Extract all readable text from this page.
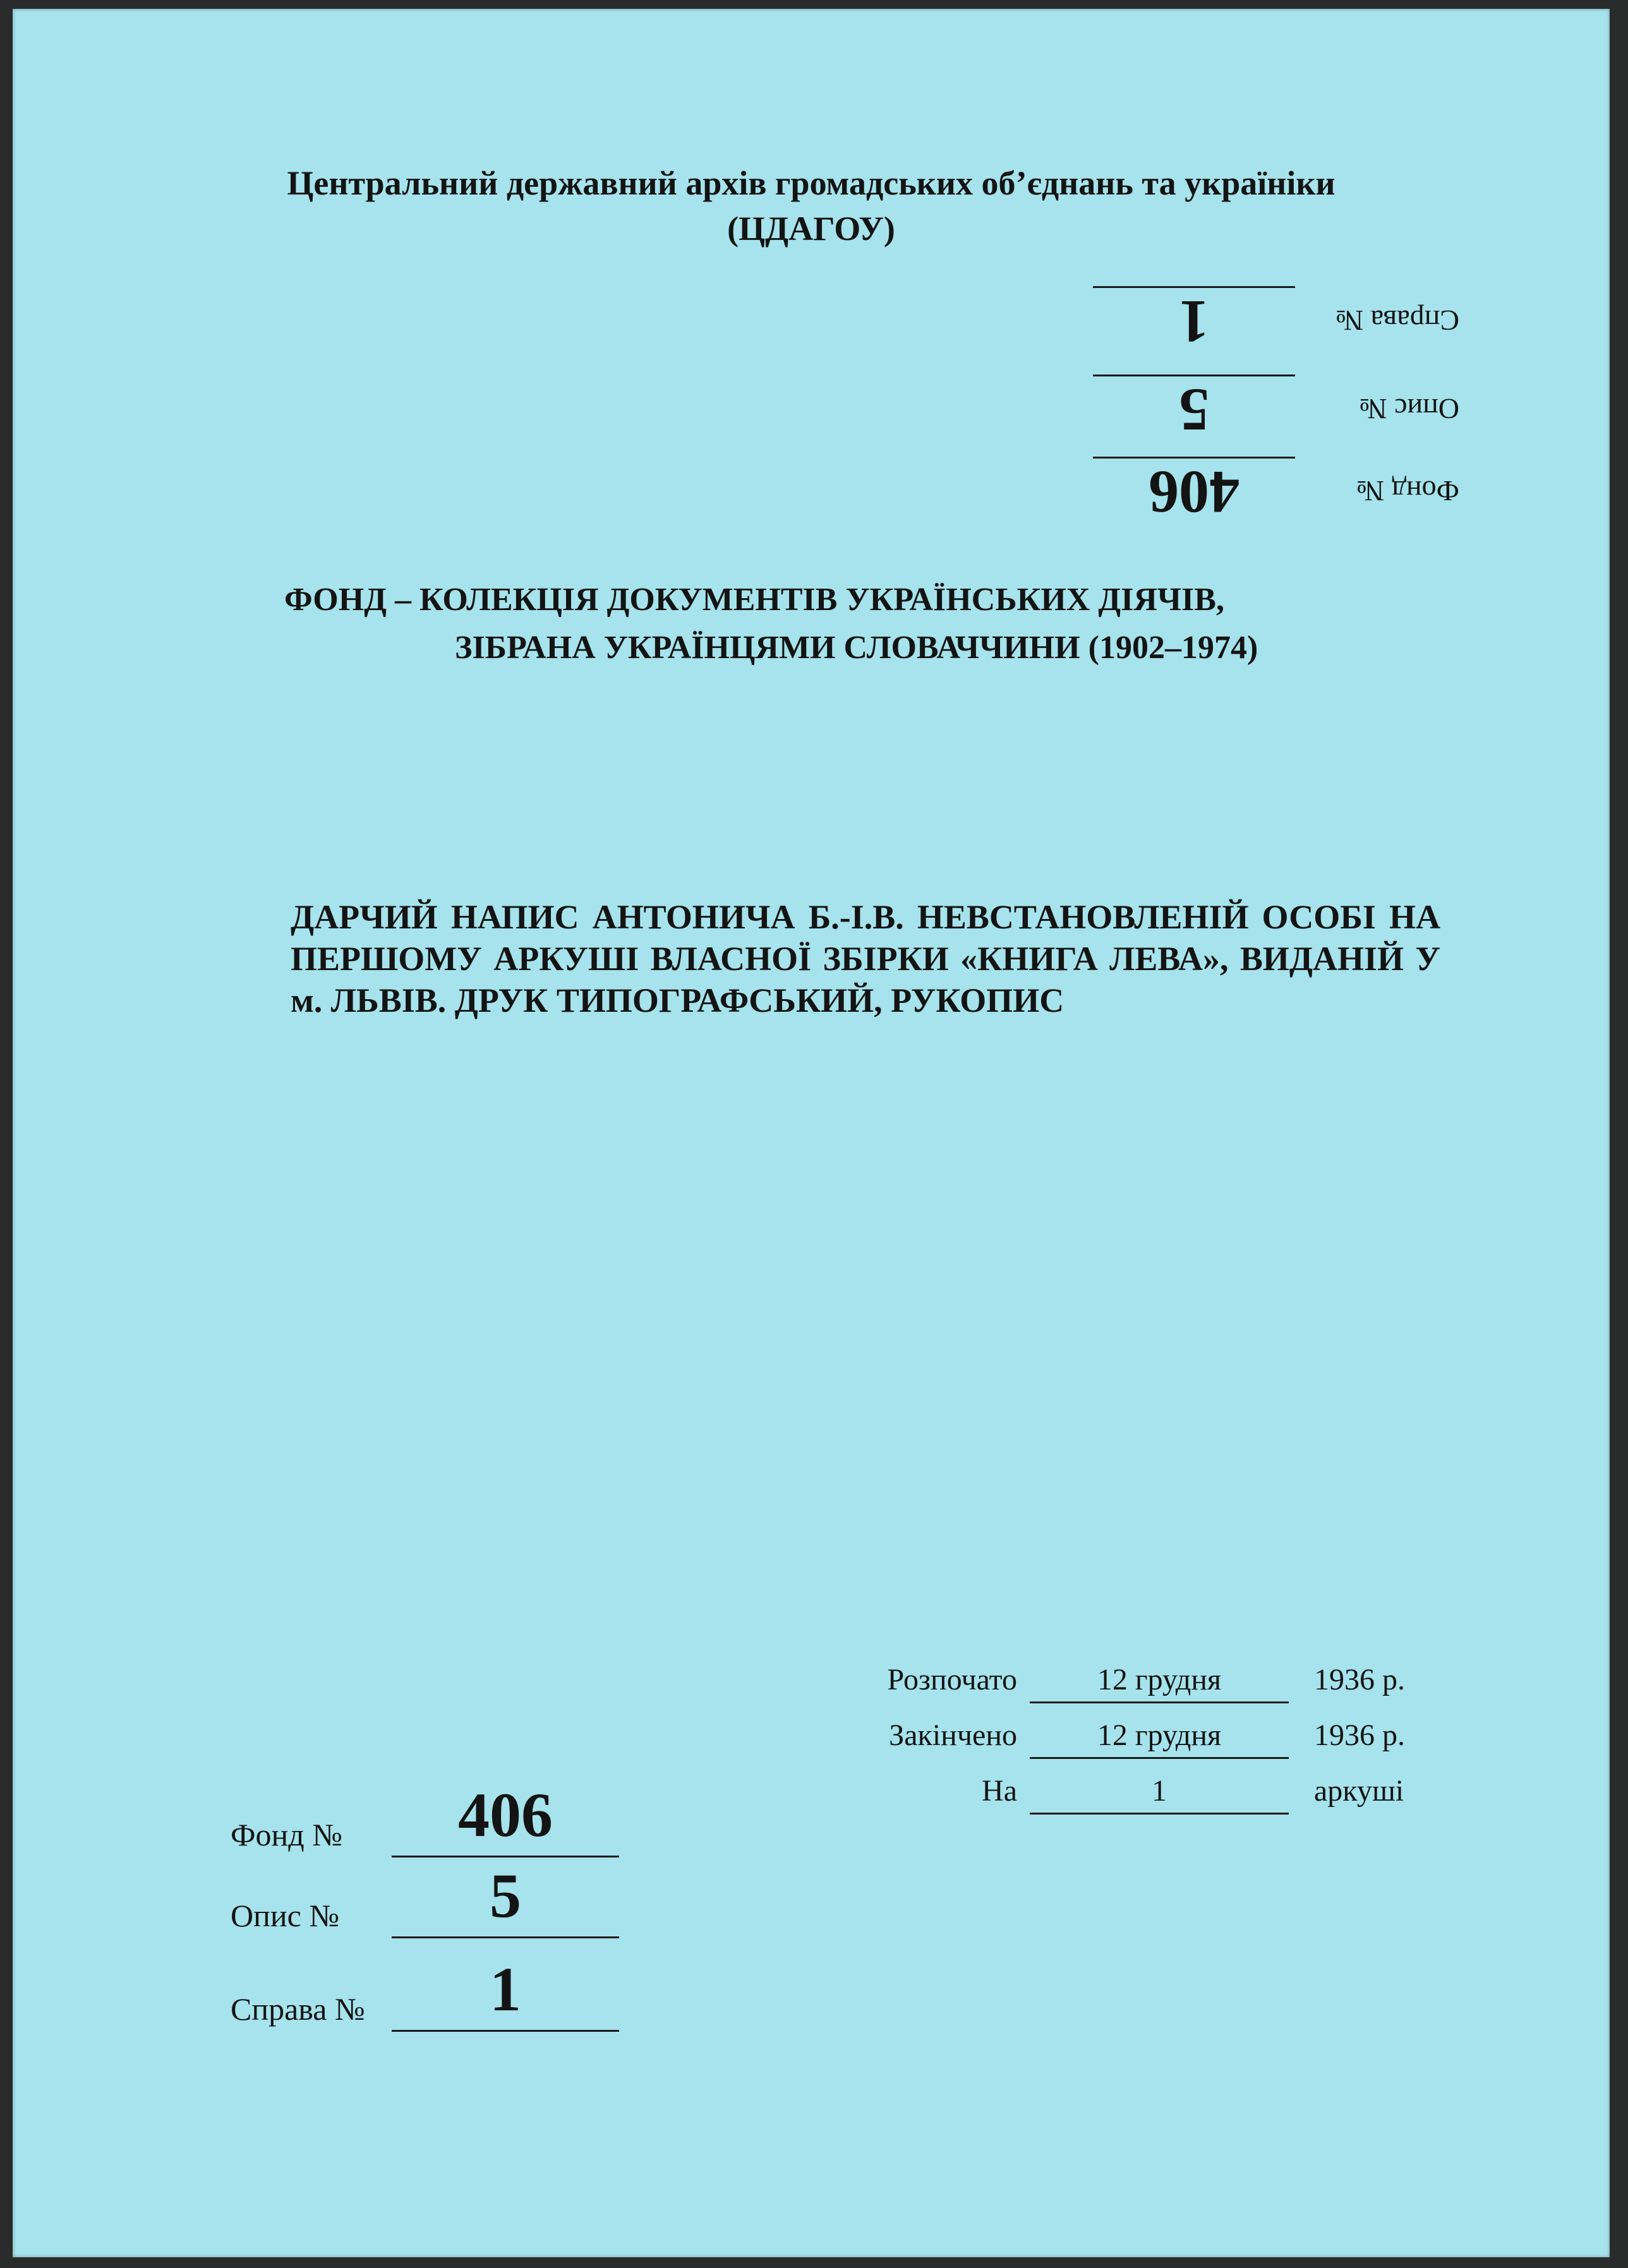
Центральний державний архів громадських об’єднань та україніки
(ЦДАГОУ)
Фонд №
406
Опис №
5
Справа №
1
ФОНД – КОЛЕКЦІЯ ДОКУМЕНТІВ УКРАЇНСЬКИХ ДІЯЧІВ,
ЗІБРАНА УКРАЇНЦЯМИ СЛОВАЧЧИНИ (1902–1974)
ДАРЧИЙ НАПИС АНТОНИЧА Б.-І.В. НЕВСТАНОВЛЕНІЙ ОСОБІ НА ПЕРШОМУ АРКУШІ ВЛАСНОЇ ЗБІРКИ «КНИГА ЛЕВА», ВИДАНІЙ У м. ЛЬВІВ. ДРУК ТИПОГРАФСЬКИЙ, РУКОПИС
Розпочато	12 грудня	1936 р.
Закінчено	12 грудня	1936 р.
На	1	аркуші
Фонд №	406
Опис №	5
Справа №	1
